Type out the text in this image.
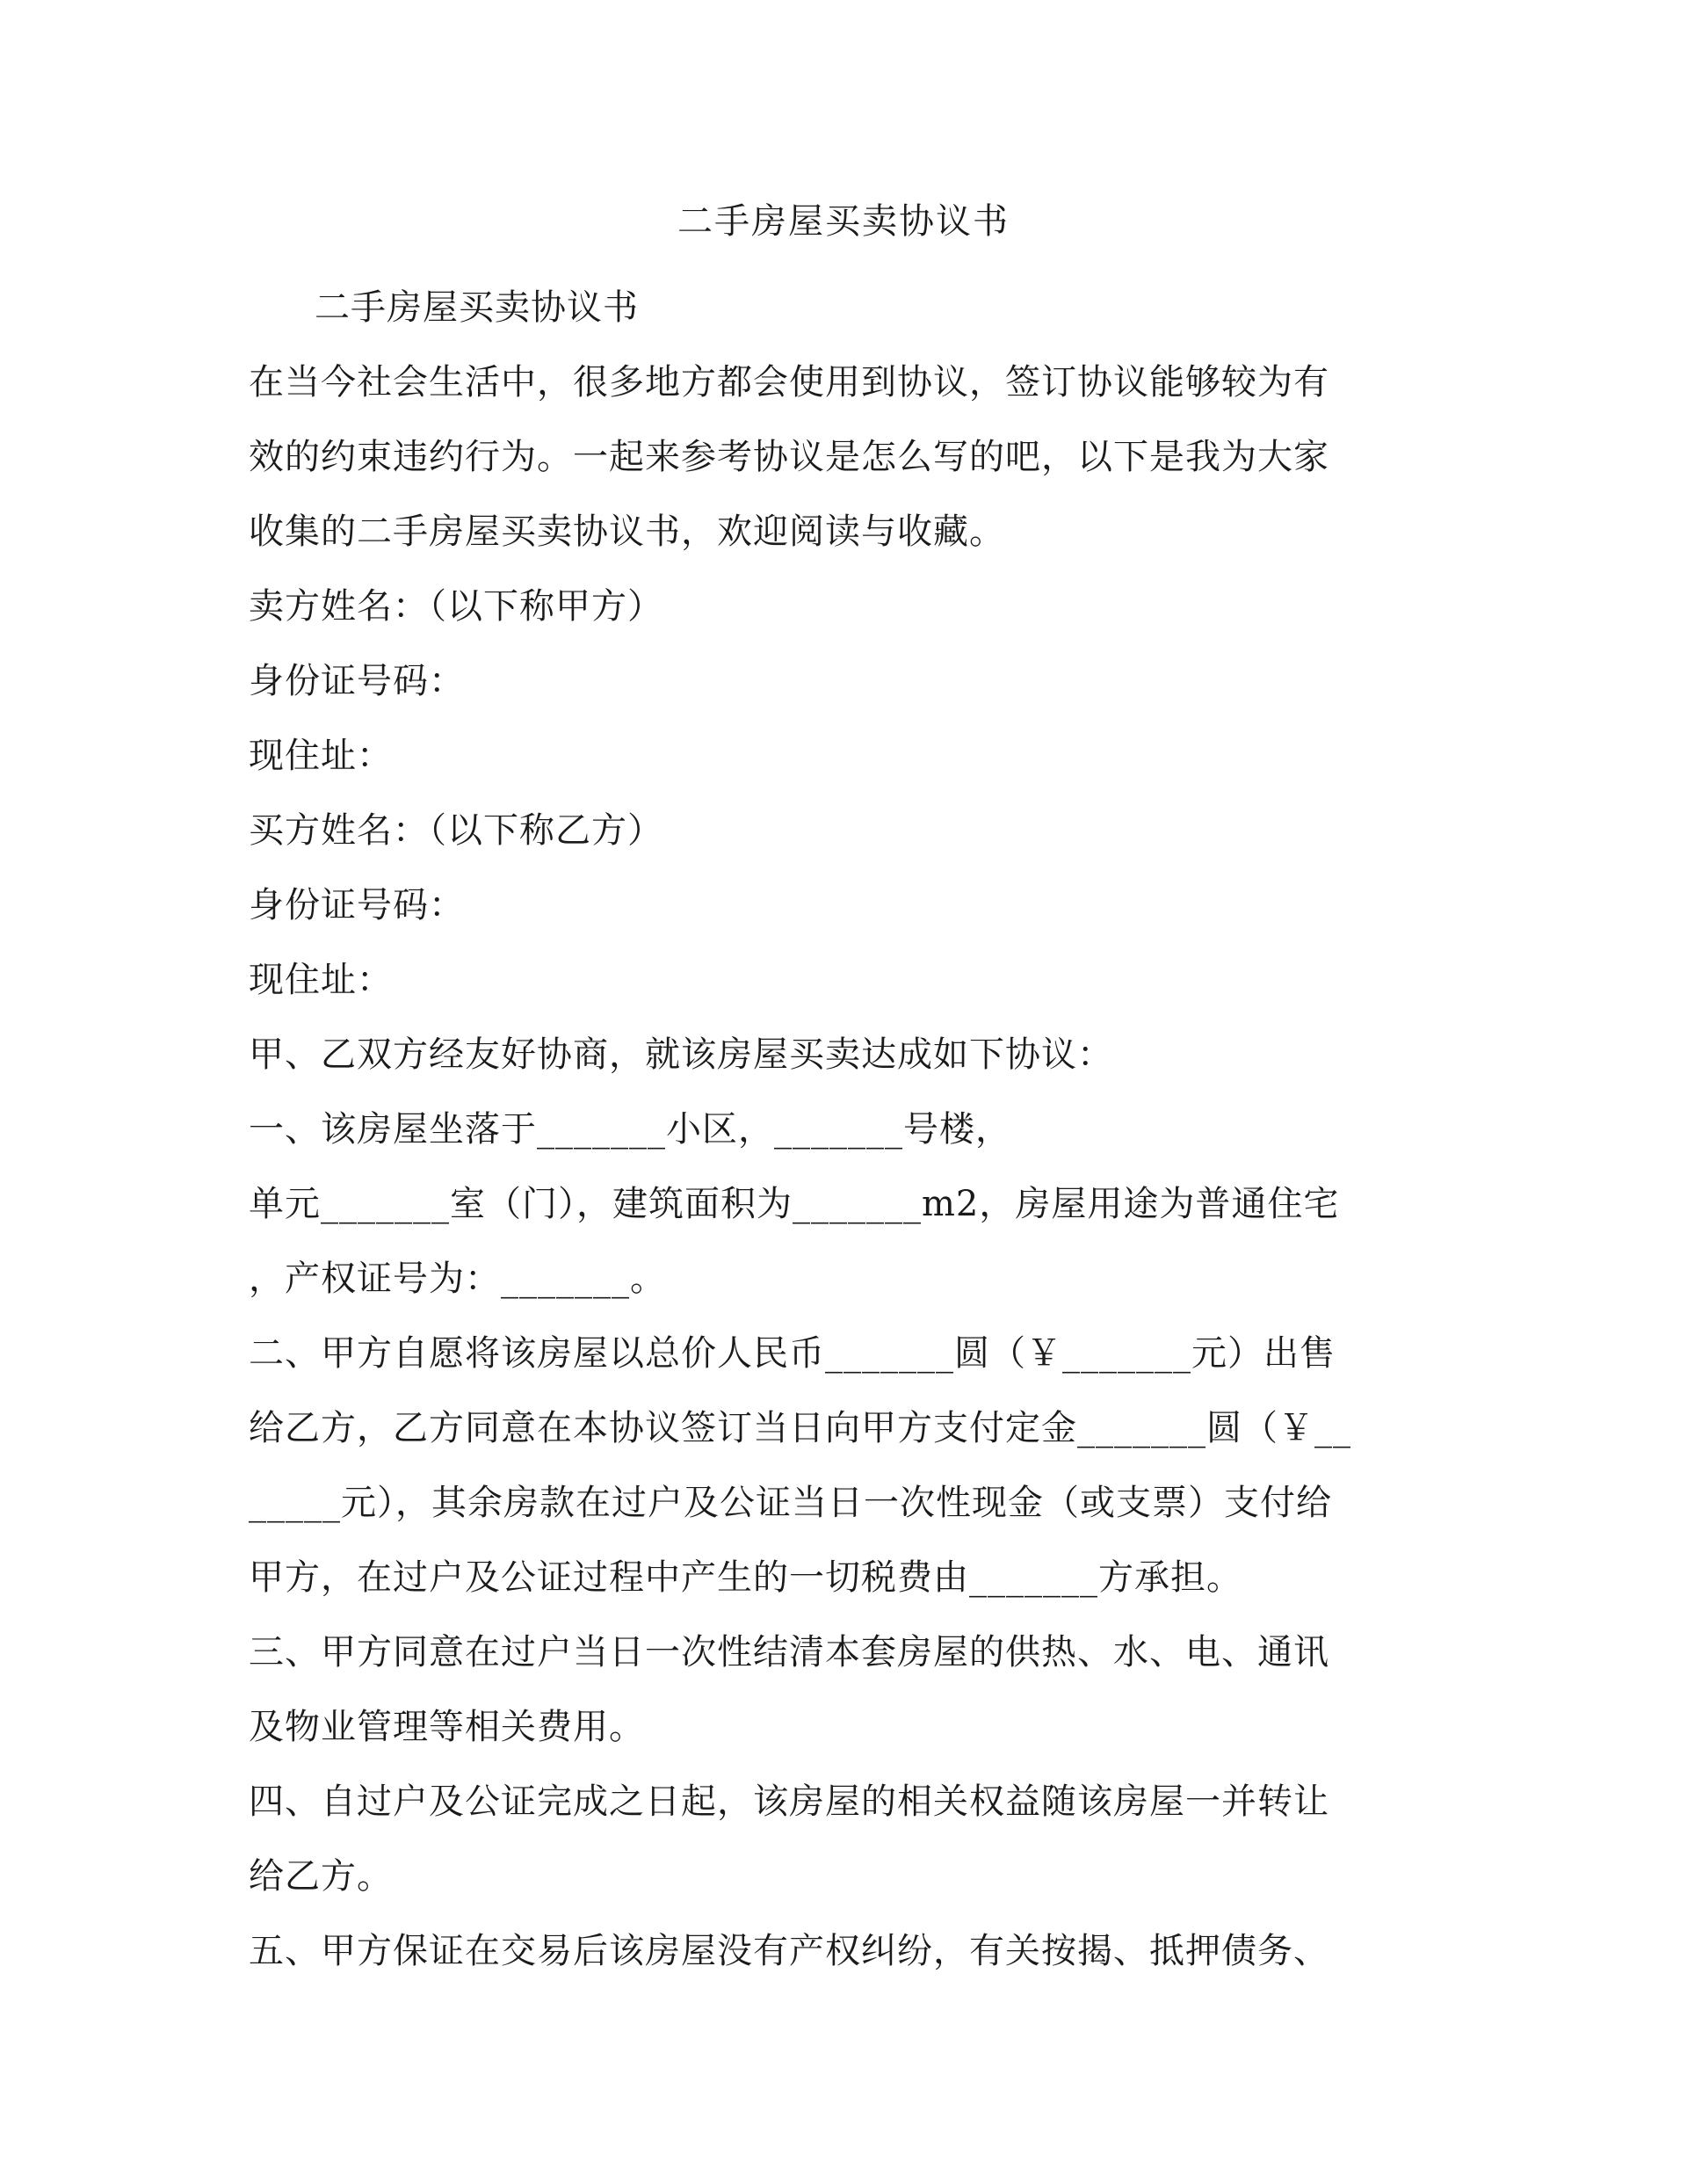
二手房屋买卖协议书

二手房屋买卖协议书

在当今社会生活中，很多地方都会使用到协议，签订协议能够较为有

效的约束违约行为。一起来参考协议是怎么写的吧，以下是我为大家

收集的二手房屋买卖协议书，欢迎阅读与收藏。

卖方姓名：（以下称甲方）

身份证号码：

现住址：

买方姓名：（以下称乙方）

身份证号码：

现住址：

甲、乙双方经友好协商，就该房屋买卖达成如下协议：

一、该房屋坐落于_______小区，_______号楼，

单元_______室（门），建筑面积为_______m2，房屋用途为普通住宅

，产权证号为：_______。

二、甲方自愿将该房屋以总价人民币_______圆（￥_______元）出售

给乙方，乙方同意在本协议签订当日向甲方支付定金_______圆（￥__

_____元），其余房款在过户及公证当日一次性现金（或支票）支付给

甲方，在过户及公证过程中产生的一切税费由_______方承担。

三、甲方同意在过户当日一次性结清本套房屋的供热、水、电、通讯

及物业管理等相关费用。

四、自过户及公证完成之日起，该房屋的相关权益随该房屋一并转让

给乙方。

五、甲方保证在交易后该房屋没有产权纠纷，有关按揭、抵押债务、
